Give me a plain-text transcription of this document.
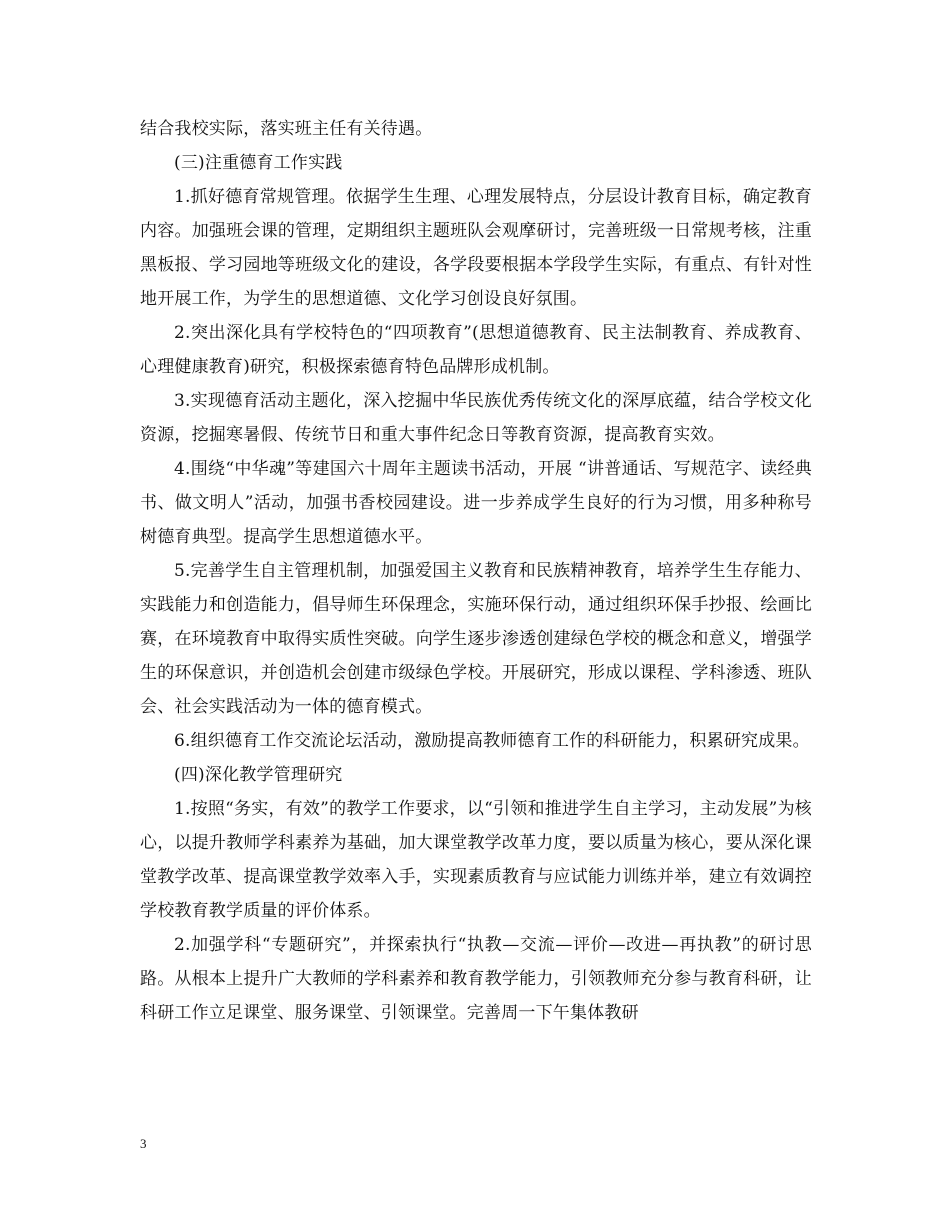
结合我校实际，落实班主任有关待遇。

(三)注重德育工作实践

1.抓好德育常规管理。依据学生生理、心理发展特点，分层设计教育目标，确定教育内容。加强班会课的管理，定期组织主题班队会观摩研讨，完善班级一日常规考核，注重黑板报、学习园地等班级文化的建设，各学段要根据本学段学生实际，有重点、有针对性地开展工作，为学生的思想道德、文化学习创设良好氛围。

2.突出深化具有学校特色的“四项教育”(思想道德教育、民主法制教育、养成教育、心理健康教育)研究，积极探索德育特色品牌形成机制。

3.实现德育活动主题化，深入挖掘中华民族优秀传统文化的深厚底蕴，结合学校文化资源，挖掘寒暑假、传统节日和重大事件纪念日等教育资源，提高教育实效。

4.围绕“中华魂”等建国六十周年主题读书活动，开展 “讲普通话、写规范字、读经典书、做文明人”活动，加强书香校园建设。进一步养成学生良好的行为习惯，用多种称号树德育典型。提高学生思想道德水平。

5.完善学生自主管理机制，加强爱国主义教育和民族精神教育，培养学生生存能力、实践能力和创造能力，倡导师生环保理念，实施环保行动，通过组织环保手抄报、绘画比赛，在环境教育中取得实质性突破。向学生逐步渗透创建绿色学校的概念和意义，增强学生的环保意识，并创造机会创建市级绿色学校。开展研究，形成以课程、学科渗透、班队会、社会实践活动为一体的德育模式。

6.组织德育工作交流论坛活动，激励提高教师德育工作的科研能力，积累研究成果。

(四)深化教学管理研究

1.按照“务实，有效”的教学工作要求，以“引领和推进学生自主学习，主动发展”为核心，以提升教师学科素养为基础，加大课堂教学改革力度，要以质量为核心，要从深化课堂教学改革、提高课堂教学效率入手，实现素质教育与应试能力训练并举，建立有效调控学校教育教学质量的评价体系。

2.加强学科“专题研究”，并探索执行“执教—交流—评价—改进—再执教”的研讨思路。从根本上提升广大教师的学科素养和教育教学能力，引领教师充分参与教育科研，让科研工作立足课堂、服务课堂、引领课堂。完善周一下午集体教研

3
